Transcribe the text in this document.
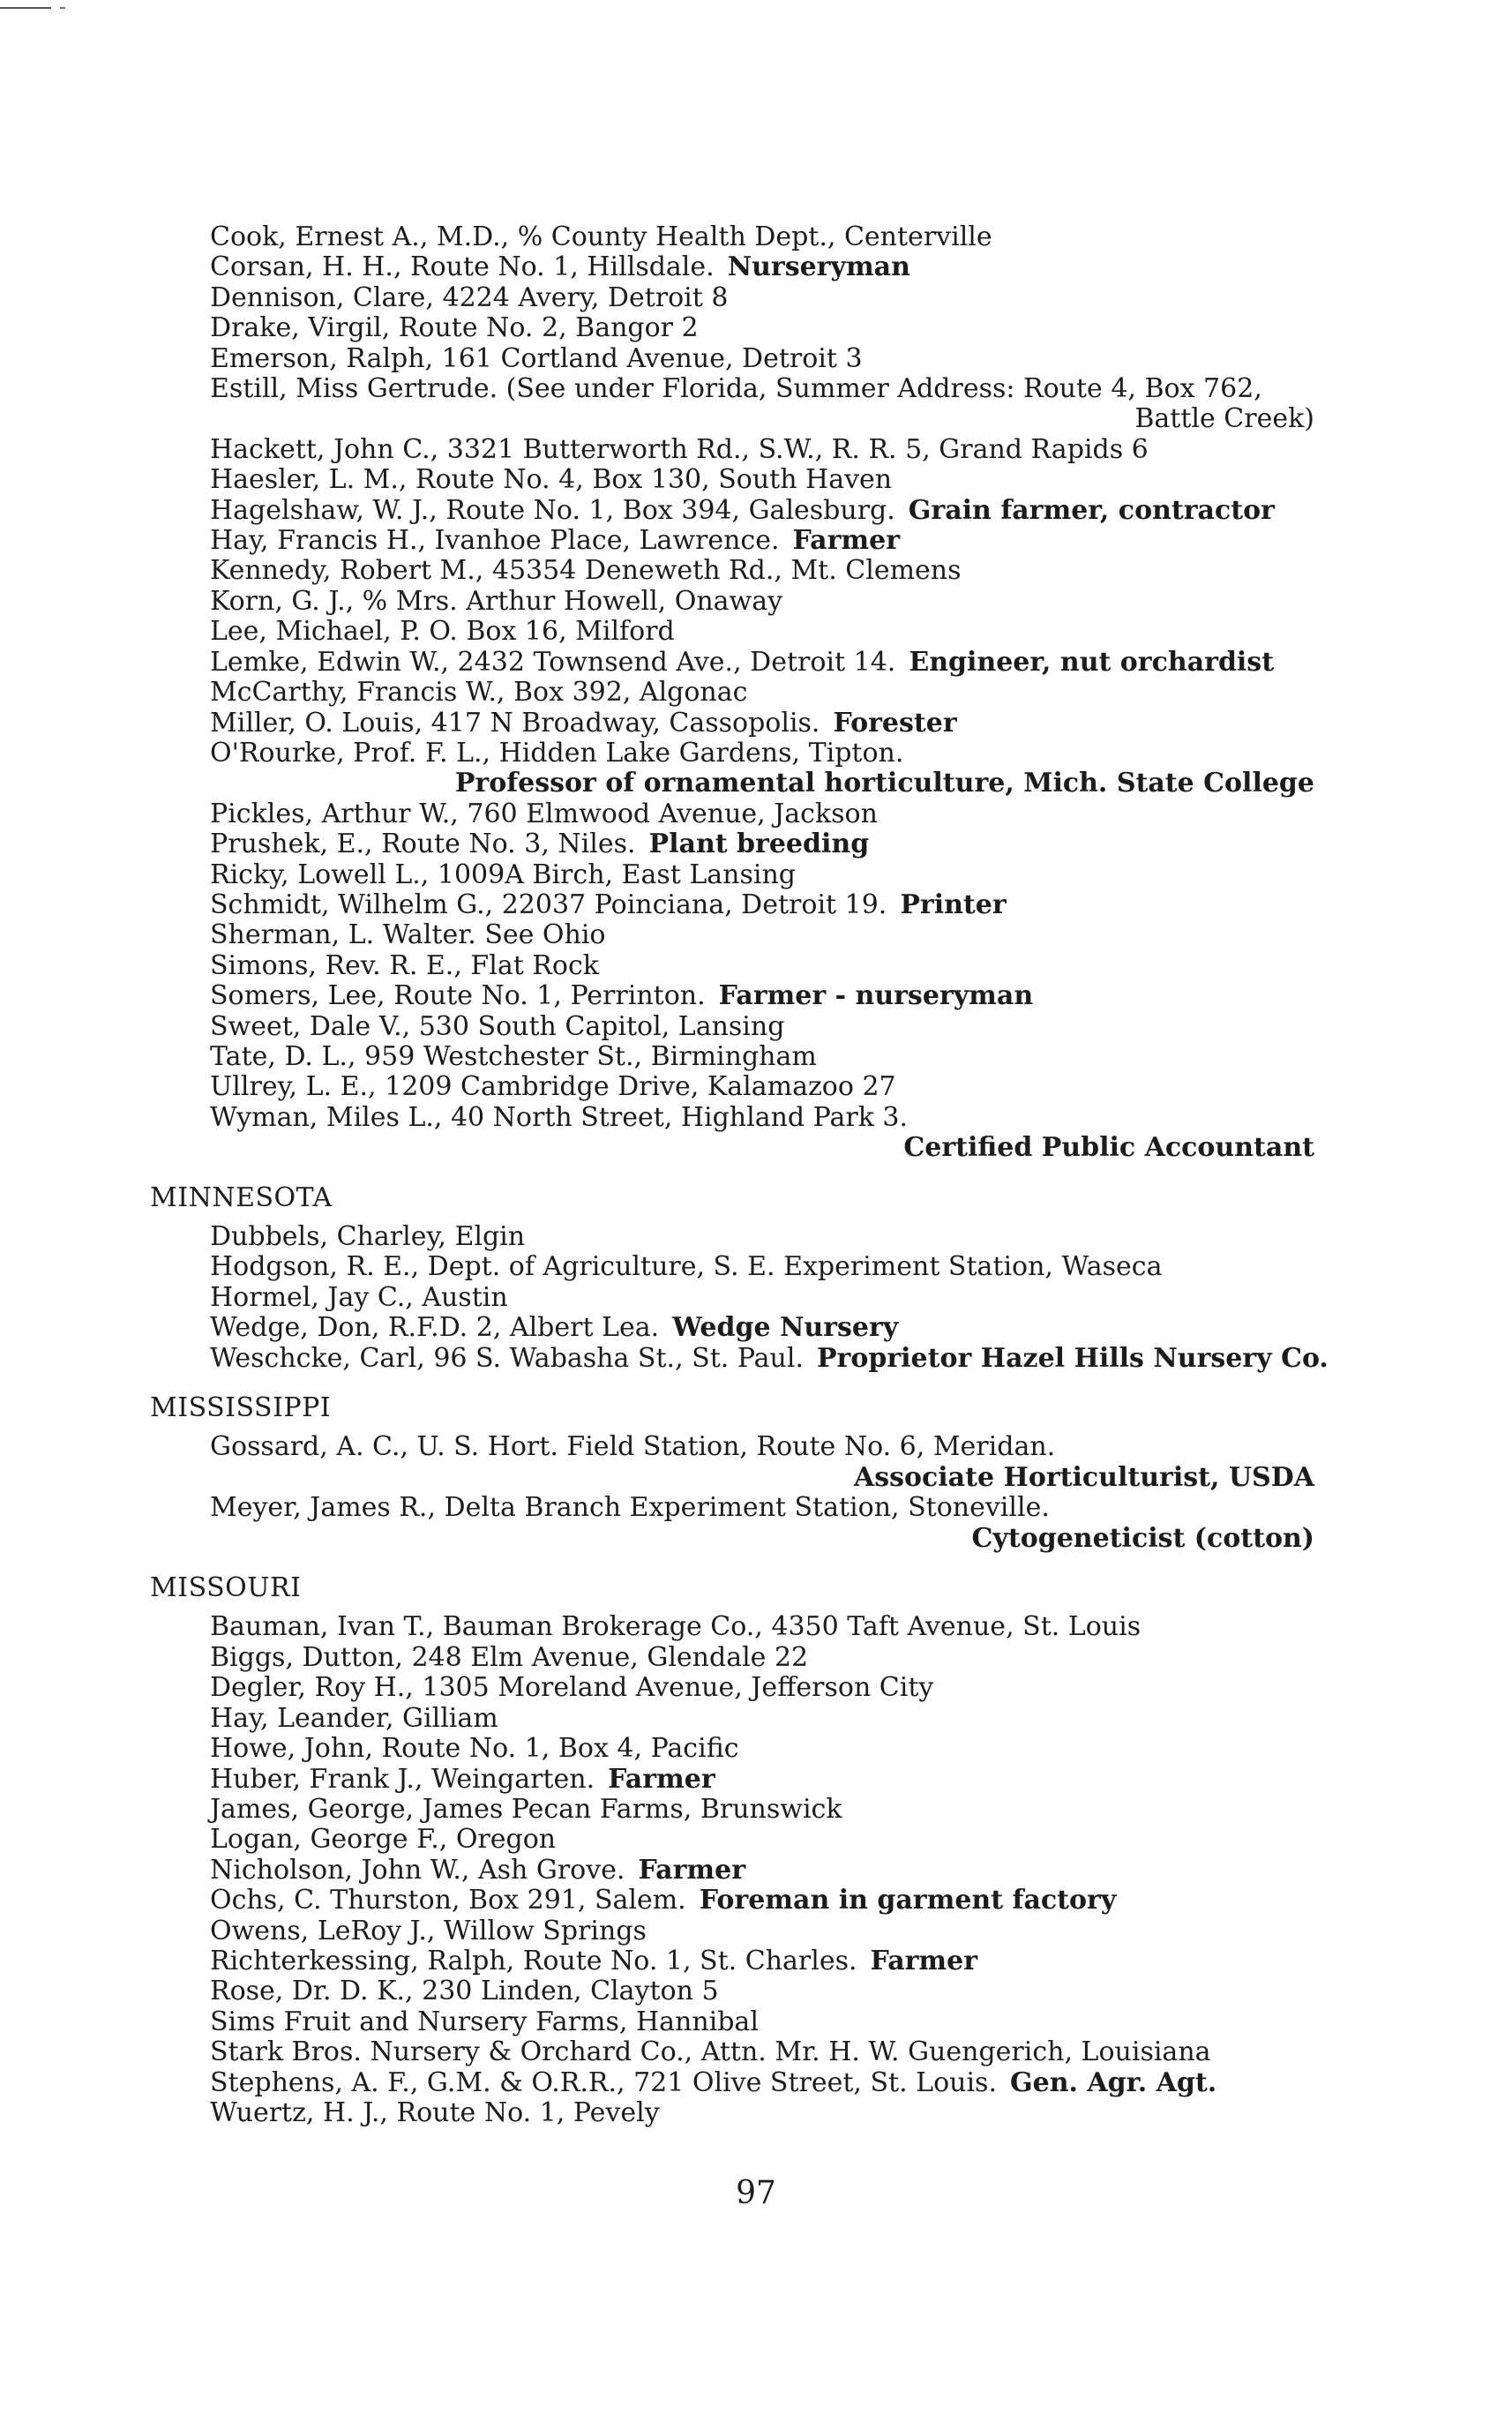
Cook, Ernest A., M.D., % County Health Dept., Centerville
Corsan, H. H., Route No. 1, Hillsdale.  Nurseryman
Dennison, Clare, 4224 Avery, Detroit 8
Drake, Virgil, Route No. 2, Bangor 2
Emerson, Ralph, 161 Cortland Avenue, Detroit 3
Estill, Miss Gertrude. (See under Florida, Summer Address: Route 4, Box 762,
Battle Creek)
Hackett, John C., 3321 Butterworth Rd., S.W., R. R. 5, Grand Rapids 6
Haesler, L. M., Route No. 4, Box 130, South Haven
Hagelshaw, W. J., Route No. 1, Box 394, Galesburg.  Grain farmer, contractor
Hay, Francis H., Ivanhoe Place, Lawrence.  Farmer
Kennedy, Robert M., 45354 Deneweth Rd., Mt. Clemens
Korn, G. J., % Mrs. Arthur Howell, Onaway
Lee, Michael, P. O. Box 16, Milford
Lemke, Edwin W., 2432 Townsend Ave., Detroit 14.  Engineer, nut orchardist
McCarthy, Francis W., Box 392, Algonac
Miller, O. Louis, 417 N Broadway, Cassopolis.  Forester
O'Rourke, Prof. F. L., Hidden Lake Gardens, Tipton.
Professor of ornamental horticulture, Mich. State College
Pickles, Arthur W., 760 Elmwood Avenue, Jackson
Prushek, E., Route No. 3, Niles.  Plant breeding
Ricky, Lowell L., 1009A Birch, East Lansing
Schmidt, Wilhelm G., 22037 Poinciana, Detroit 19.  Printer
Sherman, L. Walter. See Ohio
Simons, Rev. R. E., Flat Rock
Somers, Lee, Route No. 1, Perrinton.  Farmer - nurseryman
Sweet, Dale V., 530 South Capitol, Lansing
Tate, D. L., 959 Westchester St., Birmingham
Ullrey, L. E., 1209 Cambridge Drive, Kalamazoo 27
Wyman, Miles L., 40 North Street, Highland Park 3.
Certified Public Accountant
MINNESOTA
Dubbels, Charley, Elgin
Hodgson, R. E., Dept. of Agriculture, S. E. Experiment Station, Waseca
Hormel, Jay C., Austin
Wedge, Don, R.F.D. 2, Albert Lea.  Wedge Nursery
Weschcke, Carl, 96 S. Wabasha St., St. Paul.  Proprietor Hazel Hills Nursery Co.
MISSISSIPPI
Gossard, A. C., U. S. Hort. Field Station, Route No. 6, Meridan.
Associate Horticulturist, USDA
Meyer, James R., Delta Branch Experiment Station, Stoneville.
Cytogeneticist (cotton)
MISSOURI
Bauman, Ivan T., Bauman Brokerage Co., 4350 Taft Avenue, St. Louis
Biggs, Dutton, 248 Elm Avenue, Glendale 22
Degler, Roy H., 1305 Moreland Avenue, Jefferson City
Hay, Leander, Gilliam
Howe, John, Route No. 1, Box 4, Pacific
Huber, Frank J., Weingarten.  Farmer
James, George, James Pecan Farms, Brunswick
Logan, George F., Oregon
Nicholson, John W., Ash Grove.  Farmer
Ochs, C. Thurston, Box 291, Salem.  Foreman in garment factory
Owens, LeRoy J., Willow Springs
Richterkessing, Ralph, Route No. 1, St. Charles.  Farmer
Rose, Dr. D. K., 230 Linden, Clayton 5
Sims Fruit and Nursery Farms, Hannibal
Stark Bros. Nursery & Orchard Co., Attn. Mr. H. W. Guengerich, Louisiana
Stephens, A. F., G.M. & O.R.R., 721 Olive Street, St. Louis.  Gen. Agr. Agt.
Wuertz, H. J., Route No. 1, Pevely
97
